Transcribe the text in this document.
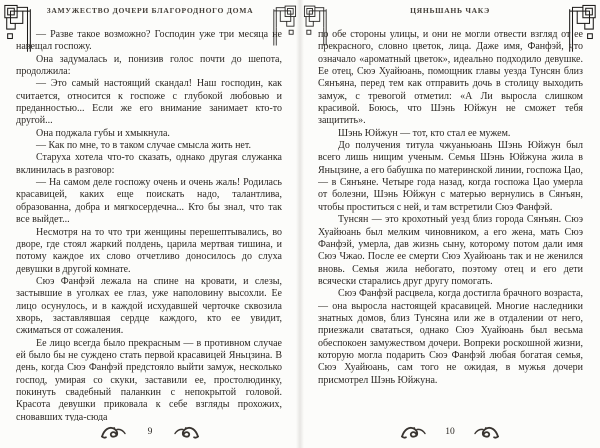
ЗАМУЖЕСТВО ДОЧЕРИ БЛАГОРОДНОГО ДОМА

— Разве такое возможно? Господин уже три месяца не навещал госпожу.

Она задумалась и, понизив голос почти до шепота, продолжила:

— Это самый настоящий скандал! Наш господин, как считается, относится к госпоже с глубокой любовью и преданностью... Если же его внимание занимает кто-то другой...

Она поджала губы и хмыкнула.

— Как по мне, то в таком случае смысла жить нет.

Старуха хотела что-то сказать, однако другая служанка вклинилась в разговор:

— На самом деле госпожу очень и очень жаль! Родилась красавицей, каких еще поискать надо, талантлива, образованна, добра и мягкосердечна... Кто бы знал, что так все выйдет...

Несмотря на то что три женщины перешептывались, во дворе, где стоял жаркий полдень, царила мертвая тишина, и потому каждое их слово отчетливо доносилось до слуха девушки в другой комнате.

Сюэ Фанфэй лежала на спине на кровати, и слезы, застывшие в уголках ее глаз, уже наполовину высохли. Ее лицо осунулось, и в каждой исхудавшей черточке сквозила хворь, заставлявшая сердце каждого, кто ее увидит, сжиматься от сожаления.

Ее лицо всегда было прекрасным — в противном случае ей было бы не суждено стать первой красавицей Яньцзина. В день, когда Сюэ Фанфэй предстояло выйти замуж, несколько господ, умирая со скуки, заставили ее, простолюдинку, покинуть свадебный паланкин с непокрытой головой. Красота девушки приковала к себе взгляды прохожих, сновавших туда-сюда

9
ЦЯНЬШАНЬ ЧАКЭ

по обе стороны улицы, и они не могли отвести взгляд от ее прекрасного, словно цветок, лица. Даже имя, Фанфэй, что означало «ароматный цветок», идеально подходило девушке. Ее отец, Сюэ Хуайюань, помощник главы уезда Тунсян близ Сянъяна, перед тем как отправить дочь в столицу выходить замуж, с тревогой отметил: «А Ли выросла слишком красивой. Боюсь, что Шэнь Юйжун не сможет тебя защитить».

Шэнь Юйжун — тот, кто стал ее мужем.

До получения титула чжуаньюань Шэнь Юйжун был всего лишь нищим ученым. Семья Шэнь Юйжуна жила в Яньцзине, а его бабушка по материнской линии, госпожа Цао, — в Сянъяне. Четыре года назад, когда госпожа Цао умерла от болезни, Шэнь Юйжун с матерью вернулись в Сянъян, чтобы проститься с ней, и там встретили Сюэ Фанфэй.

Тунсян — это крохотный уезд близ города Сянъян. Сюэ Хуайюань был мелким чиновником, а его жена, мать Сюэ Фанфэй, умерла, дав жизнь сыну, которому потом дали имя Сюэ Чжао. После ее смерти Сюэ Хуайюань так и не женился вновь. Семья жила небогато, поэтому отец и его дети всячески старались друг другу помогать.

Сюэ Фанфэй расцвела, когда достигла брачного возраста, — она выросла настоящей красавицей. Многие наследники знатных домов, близ Тунсяна или же в отдалении от него, приезжали свататься, однако Сюэ Хуайюань был весьма обеспокоен замужеством дочери. Вопреки роскошной жизни, которую могла подарить Сюэ Фанфэй любая богатая семья, Сюэ Хуайюань, сам того не ожидая, в мужья дочери присмотрел Шэнь Юйжуна.

10
